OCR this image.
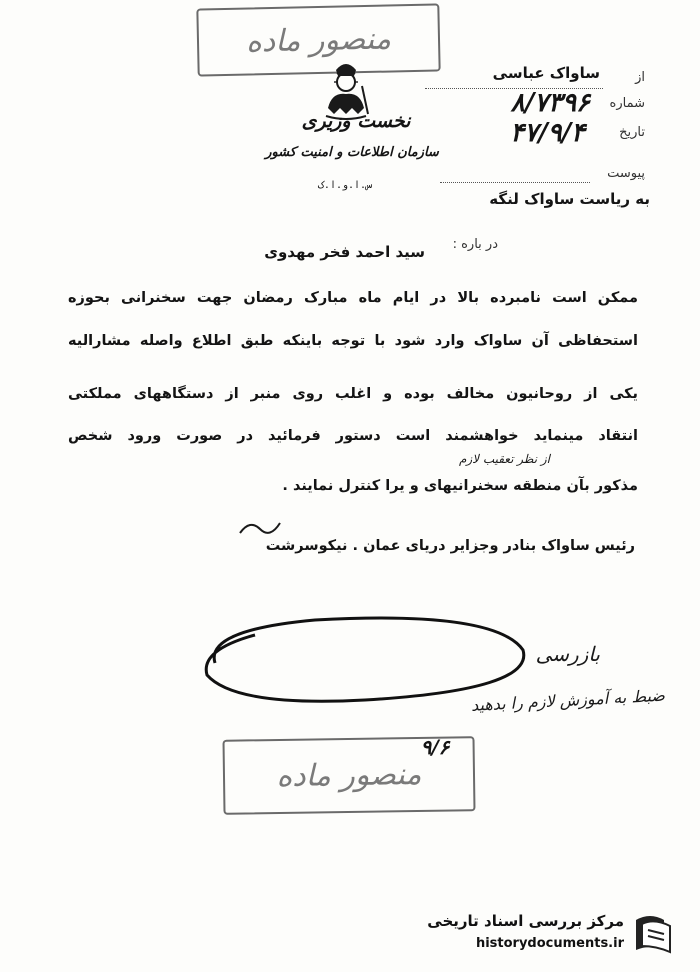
منصور ماده
نخست وزیری
سازمان اطلاعات و امنیت کشور
س.ا.و.ا.ک
از
ساواک عباسی
شماره
۸/۷۳۹۶
تاریخ
۴۷/۹/۴
پیوست
به ریاست ساواک لنگه
در باره :
سید احمد فخر مهدوی
ممکن است نامبرده بالا در ایام ماه مبارک رمضان جهت سخنرانی بحوزه
استحفاظی آن ساواک وارد شود با توجه باینکه طبق اطلاع واصله مشارالیه
یکی از روحانیون مخالف بوده و اغلب روی منبر از دستگاههای مملکتی
انتقاد مینماید خواهشمند است دستور فرمائید در صورت ورود شخص
از نظر تعقیب لازم
مذکور بآن منطقه سخنرانیهای و یرا کنترل نمایند .
رئیس ساواک بنادر وجزایر دریای عمان . نیکوسرشت
بازرسی
ضبط به آموزش لازم را بدهید
۹/۶
منصور ماده
مرکز بررسی اسناد تاریخی
historydocuments.ir
